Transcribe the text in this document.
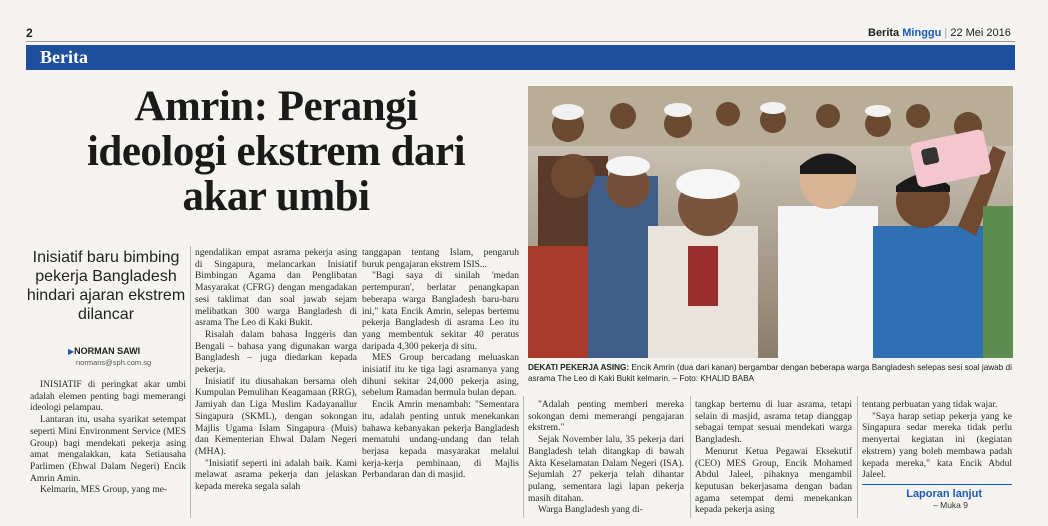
2	Berita Minggu | 22 Mei 2016
Berita
Amrin: Perangi
ideologi ekstrem dari
akar umbi
Inisiatif baru bimbing
pekerja Bangladesh
hindari ajaran ekstrem
dilancar
▶NORMAN SAWI
normans@sph.com.sg

INISIATIF di peringkat akar umbi adalah elemen penting bagi memerangi ideologi pelampau.

Lantaran itu, usaha syarikat setempat seperti Mini Environment Service (MES Group) bagi mendekati pekerja asing amat mengalakkan, kata Setiausaha Parlimen (Ehwal Dalam Negeri) Encik Amrin Amin.

Kelmarin, MES Group, yang me-

ngendalikan empat asrama pekerja asing di Singapura, melancarkan Inisiatif Bimbingan Agama dan Penglibatan Masyarakat (CFRG) dengan mengadakan sesi taklimat dan soal jawab sejam melibatkan 300 warga Bangladesh di asrama The Leo di Kaki Bukit.

Risalah dalam bahasa Inggeris dan Bengali – bahasa yang digunakan warga Bangladesh – juga diedarkan kepada pekerja.

Inisiatif itu diusahakan bersama oleh Kumpulan Pemulihan Keagamaan (RRG), Jamiyah dan Liga Muslim Kadayanallur Singapura (SKML), dengan sokongan Majlis Ugama Islam Singapura (Muis) dan Kementerian Ehwal Dalam Negeri (MHA).

"Inisiatif seperti ini adalah baik. Kami melawat asrama pekerja dan jelaskan kepada mereka segala salah

tanggapan tentang Islam, pengaruh buruk pengajaran ekstrem ISIS...

"Bagi saya di sinilah 'medan pertempuran', berlatar penangkapan beberapa warga Bangladesh baru-baru ini," kata Encik Amrin, selepas bertemu pekerja Bangladesh di asrama Leo itu yang membentuk sekitar 40 peratus daripada 4,300 pekerja di situ.

MES Group bercadang meluaskan inisiatif itu ke tiga lagi asramanya yang dihuni sekitar 24,000 pekerja asing, sebelum Ramadan bermula bulan depan.

Encik Amrin menambah: "Sementara itu, adalah penting untuk menekankan bahawa kebanyakan pekerja Bangladesh mematuhi undang-undang dan telah berjasa kepada masyarakat melalui kerja-kerja pembinaan, di Majlis Perbandaran dan di masjid.

DEKATI PEKERJA ASING: Encik Amrin (dua dari kanan) bergambar dengan beberapa warga Bangladesh selepas sesi soal jawab di asrama The Leo di Kaki Bukit kelmarin. – Foto: KHALID BABA

"Adalah penting memberi mereka sokongan demi memerangi pengajaran ekstrem."

Sejak November lalu, 35 pekerja dari Bangladesh telah ditangkap di bawah Akta Keselamatan Dalam Negeri (ISA). Sejumlah 27 pekerja telah dihantar pulang, sementara lagi lapan pekerja masih ditahan.

Warga Bangladesh yang di-

tangkap bertemu di luar asrama, tetapi selain di masjid, asrama tetap dianggap sebagai tempat sesuai mendekati warga Bangladesh.

Menurut Ketua Pegawai Eksekutif (CEO) MES Group, Encik Mohamed Abdul Jaleel, pihaknya mengambil keputusan bekerjasama dengan badan agama setempat demi menekankan kepada pekerja asing

tentang perbuatan yang tidak wajar.

"Saya harap setiap pekerja yang ke Singapura sedar mereka tidak perlu menyertai kegiatan ini (kegiatan ekstrem) yang boleh membawa padah kepada mereka," kata Encik Abdul Jaleel.

Laporan lanjut
– Muka 9
